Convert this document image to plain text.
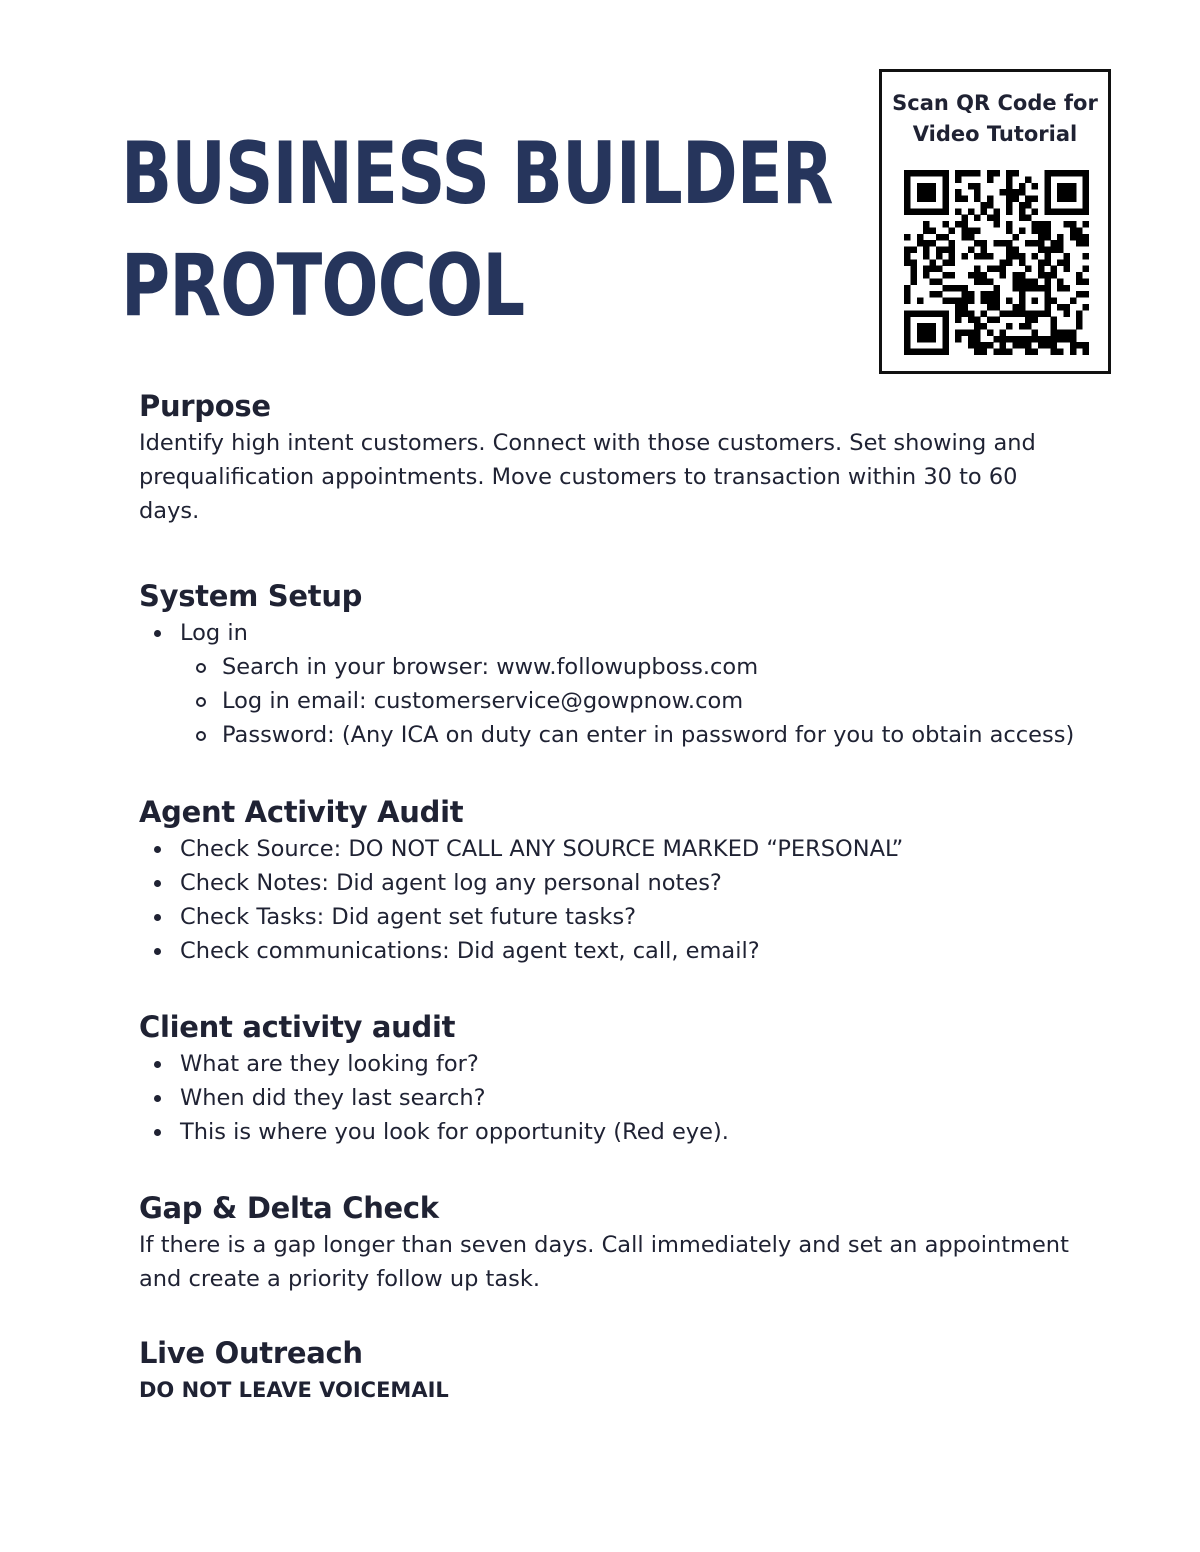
BUSINESS BUILDER
PROTOCOL

Scan QR Code for
Video Tutorial

Purpose

Identify high intent customers. Connect with those customers. Set showing and prequalification appointments. Move customers to transaction within 30 to 60 days.

System Setup
Log in
Search in your browser: www.followupboss.com
Log in email: customerservice@gowpnow.com
Password: (Any ICA on duty can enter in password for you to obtain access)
Agent Activity Audit
Check Source: DO NOT CALL ANY SOURCE MARKED “PERSONAL”
Check Notes: Did agent log any personal notes?
Check Tasks: Did agent set future tasks?
Check communications: Did agent text, call, email?
Client activity audit
What are they looking for?
When did they last search?
This is where you look for opportunity (Red eye).
Gap & Delta Check

If there is a gap longer than seven days. Call immediately and set an appointment and create a priority follow up task.

Live Outreach

DO NOT LEAVE VOICEMAIL
